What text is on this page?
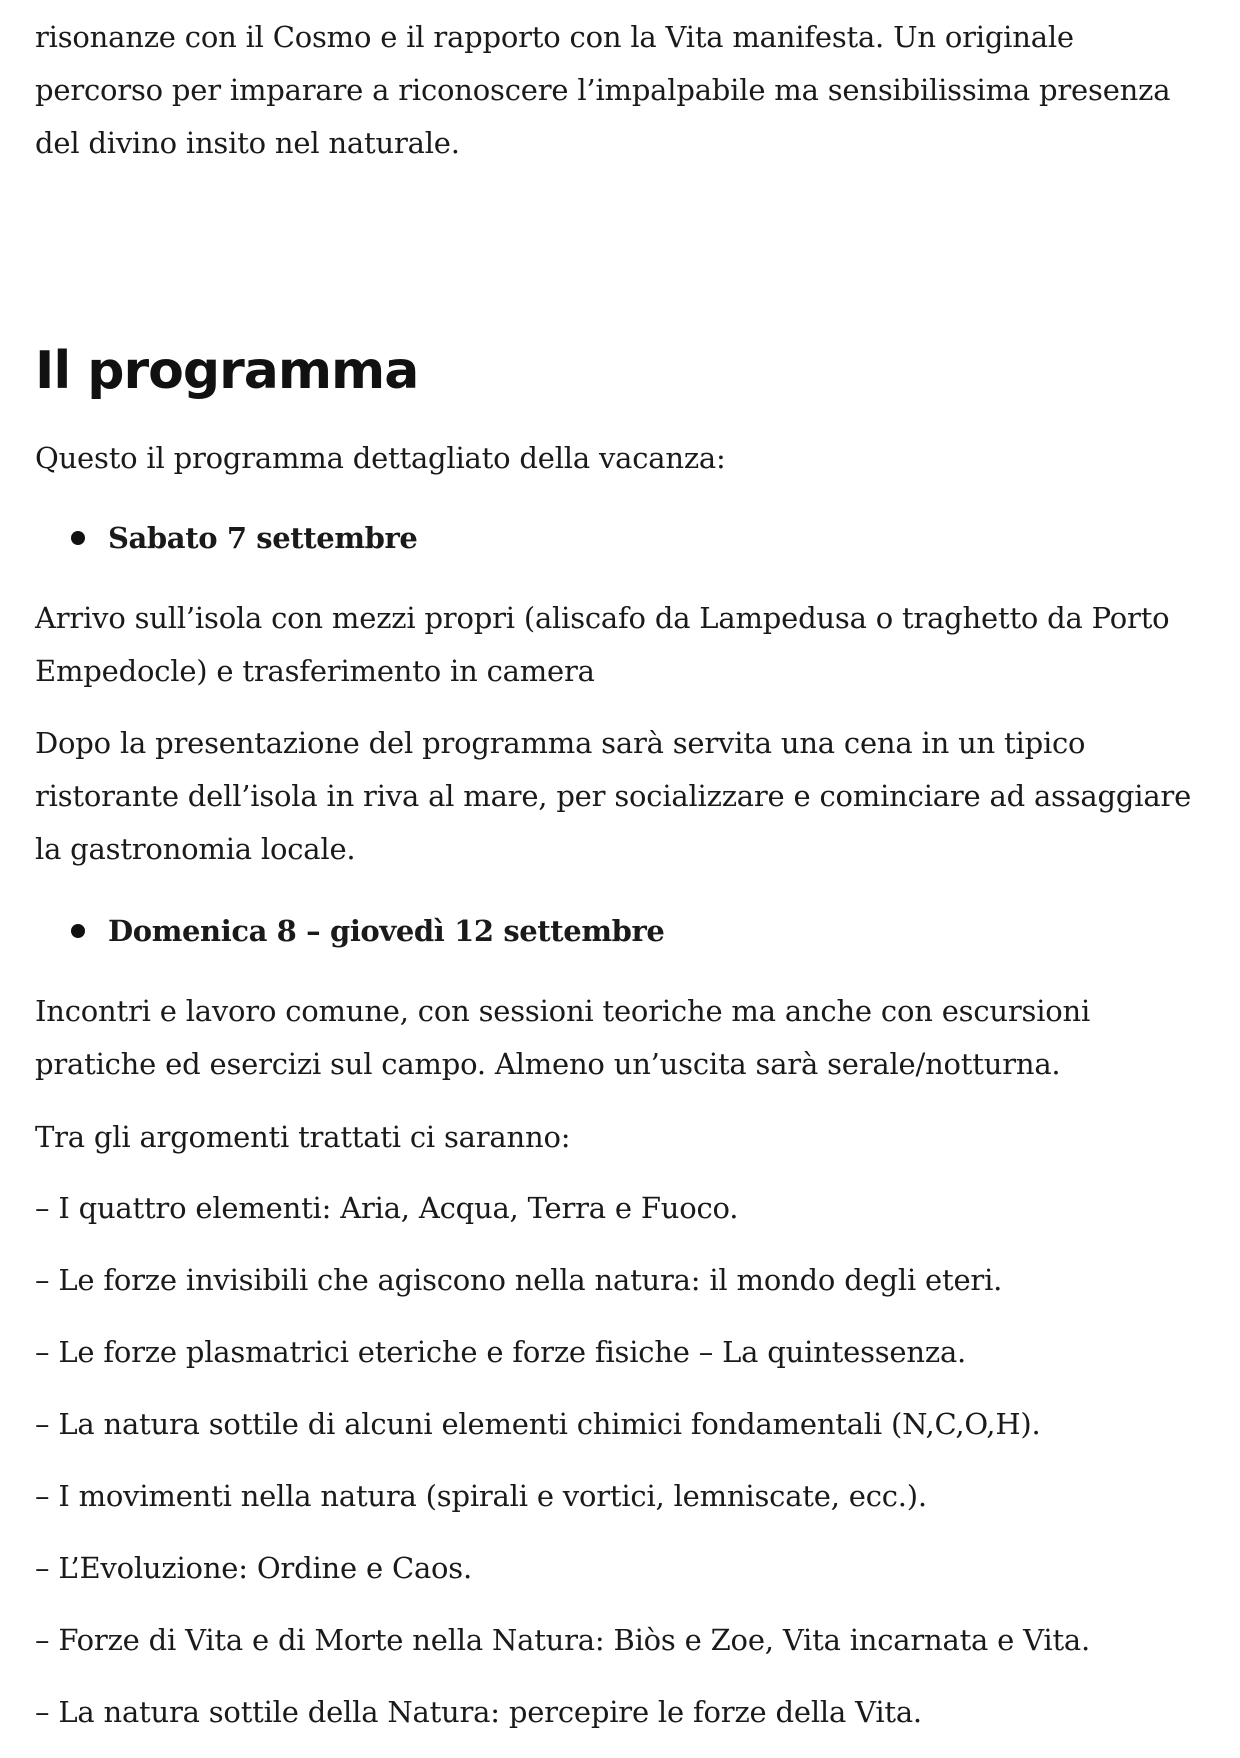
risonanze con il Cosmo e il rapporto con la Vita manifesta. Un originale percorso per imparare a riconoscere l’impalpabile ma sensibilissima presenza del divino insito nel naturale.

Il programma

Questo il programma dettagliato della vacanza:

Sabato 7 settembre

Arrivo sull’isola con mezzi propri (aliscafo da Lampedusa o traghetto da Porto Empedocle) e trasferimento in camera

Dopo la presentazione del programma sarà servita una cena in un tipico ristorante dell’isola in riva al mare, per socializzare e cominciare ad assaggiare la gastronomia locale.

Domenica 8 – giovedì 12 settembre

Incontri e lavoro comune, con sessioni teoriche ma anche con escursioni pratiche ed esercizi sul campo. Almeno un’uscita sarà serale/notturna.

Tra gli argomenti trattati ci saranno:

– I quattro elementi: Aria, Acqua, Terra e Fuoco.
– Le forze invisibili che agiscono nella natura: il mondo degli eteri.
– Le forze plasmatrici eteriche e forze fisiche – La quintessenza.
– La natura sottile di alcuni elementi chimici fondamentali (N,C,O,H).
– I movimenti nella natura (spirali e vortici, lemniscate, ecc.).
– L’Evoluzione: Ordine e Caos.
– Forze di Vita e di Morte nella Natura: Biòs e Zoe, Vita incarnata e Vita.
– La natura sottile della Natura: percepire le forze della Vita.
